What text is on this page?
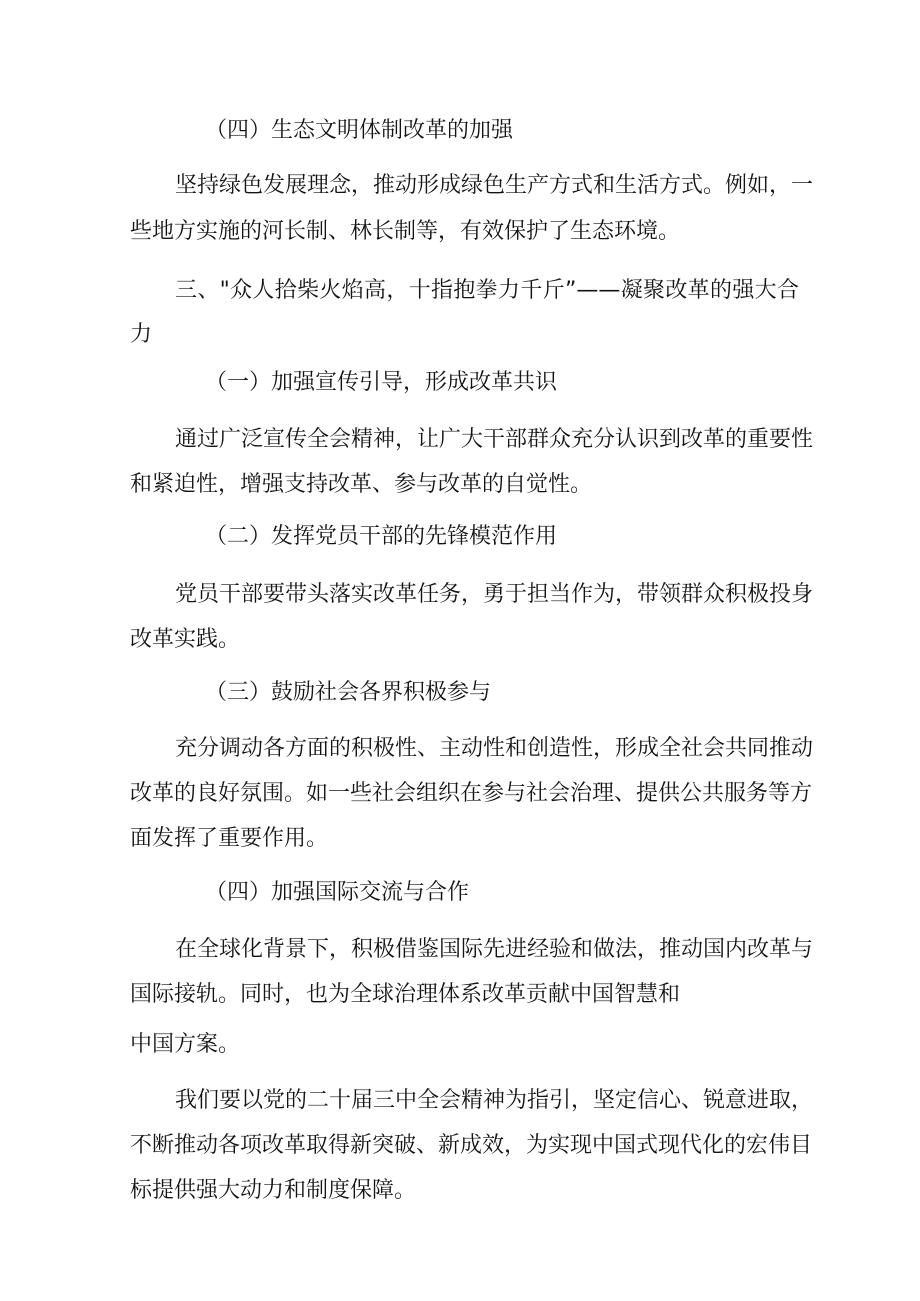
（四）生态文明体制改革的加强
坚持绿色发展理念，推动形成绿色生产方式和生活方式。例如，一
些地方实施的河长制、林长制等，有效保护了生态环境。
三、"众人拾柴火焰高，十指抱拳力千斤”——凝聚改革的强大合
力
（一）加强宣传引导，形成改革共识
通过广泛宣传全会精神，让广大干部群众充分认识到改革的重要性
和紧迫性，增强支持改革、参与改革的自觉性。
（二）发挥党员干部的先锋模范作用
党员干部要带头落实改革任务，勇于担当作为，带领群众积极投身
改革实践。
（三）鼓励社会各界积极参与
充分调动各方面的积极性、主动性和创造性，形成全社会共同推动
改革的良好氛围。如一些社会组织在参与社会治理、提供公共服务等方
面发挥了重要作用。
（四）加强国际交流与合作
在全球化背景下，积极借鉴国际先进经验和做法，推动国内改革与
国际接轨。同时，也为全球治理体系改革贡献中国智慧和
中国方案。
我们要以党的二十届三中全会精神为指引，坚定信心、锐意进取，
不断推动各项改革取得新突破、新成效，为实现中国式现代化的宏伟目
标提供强大动力和制度保障。
